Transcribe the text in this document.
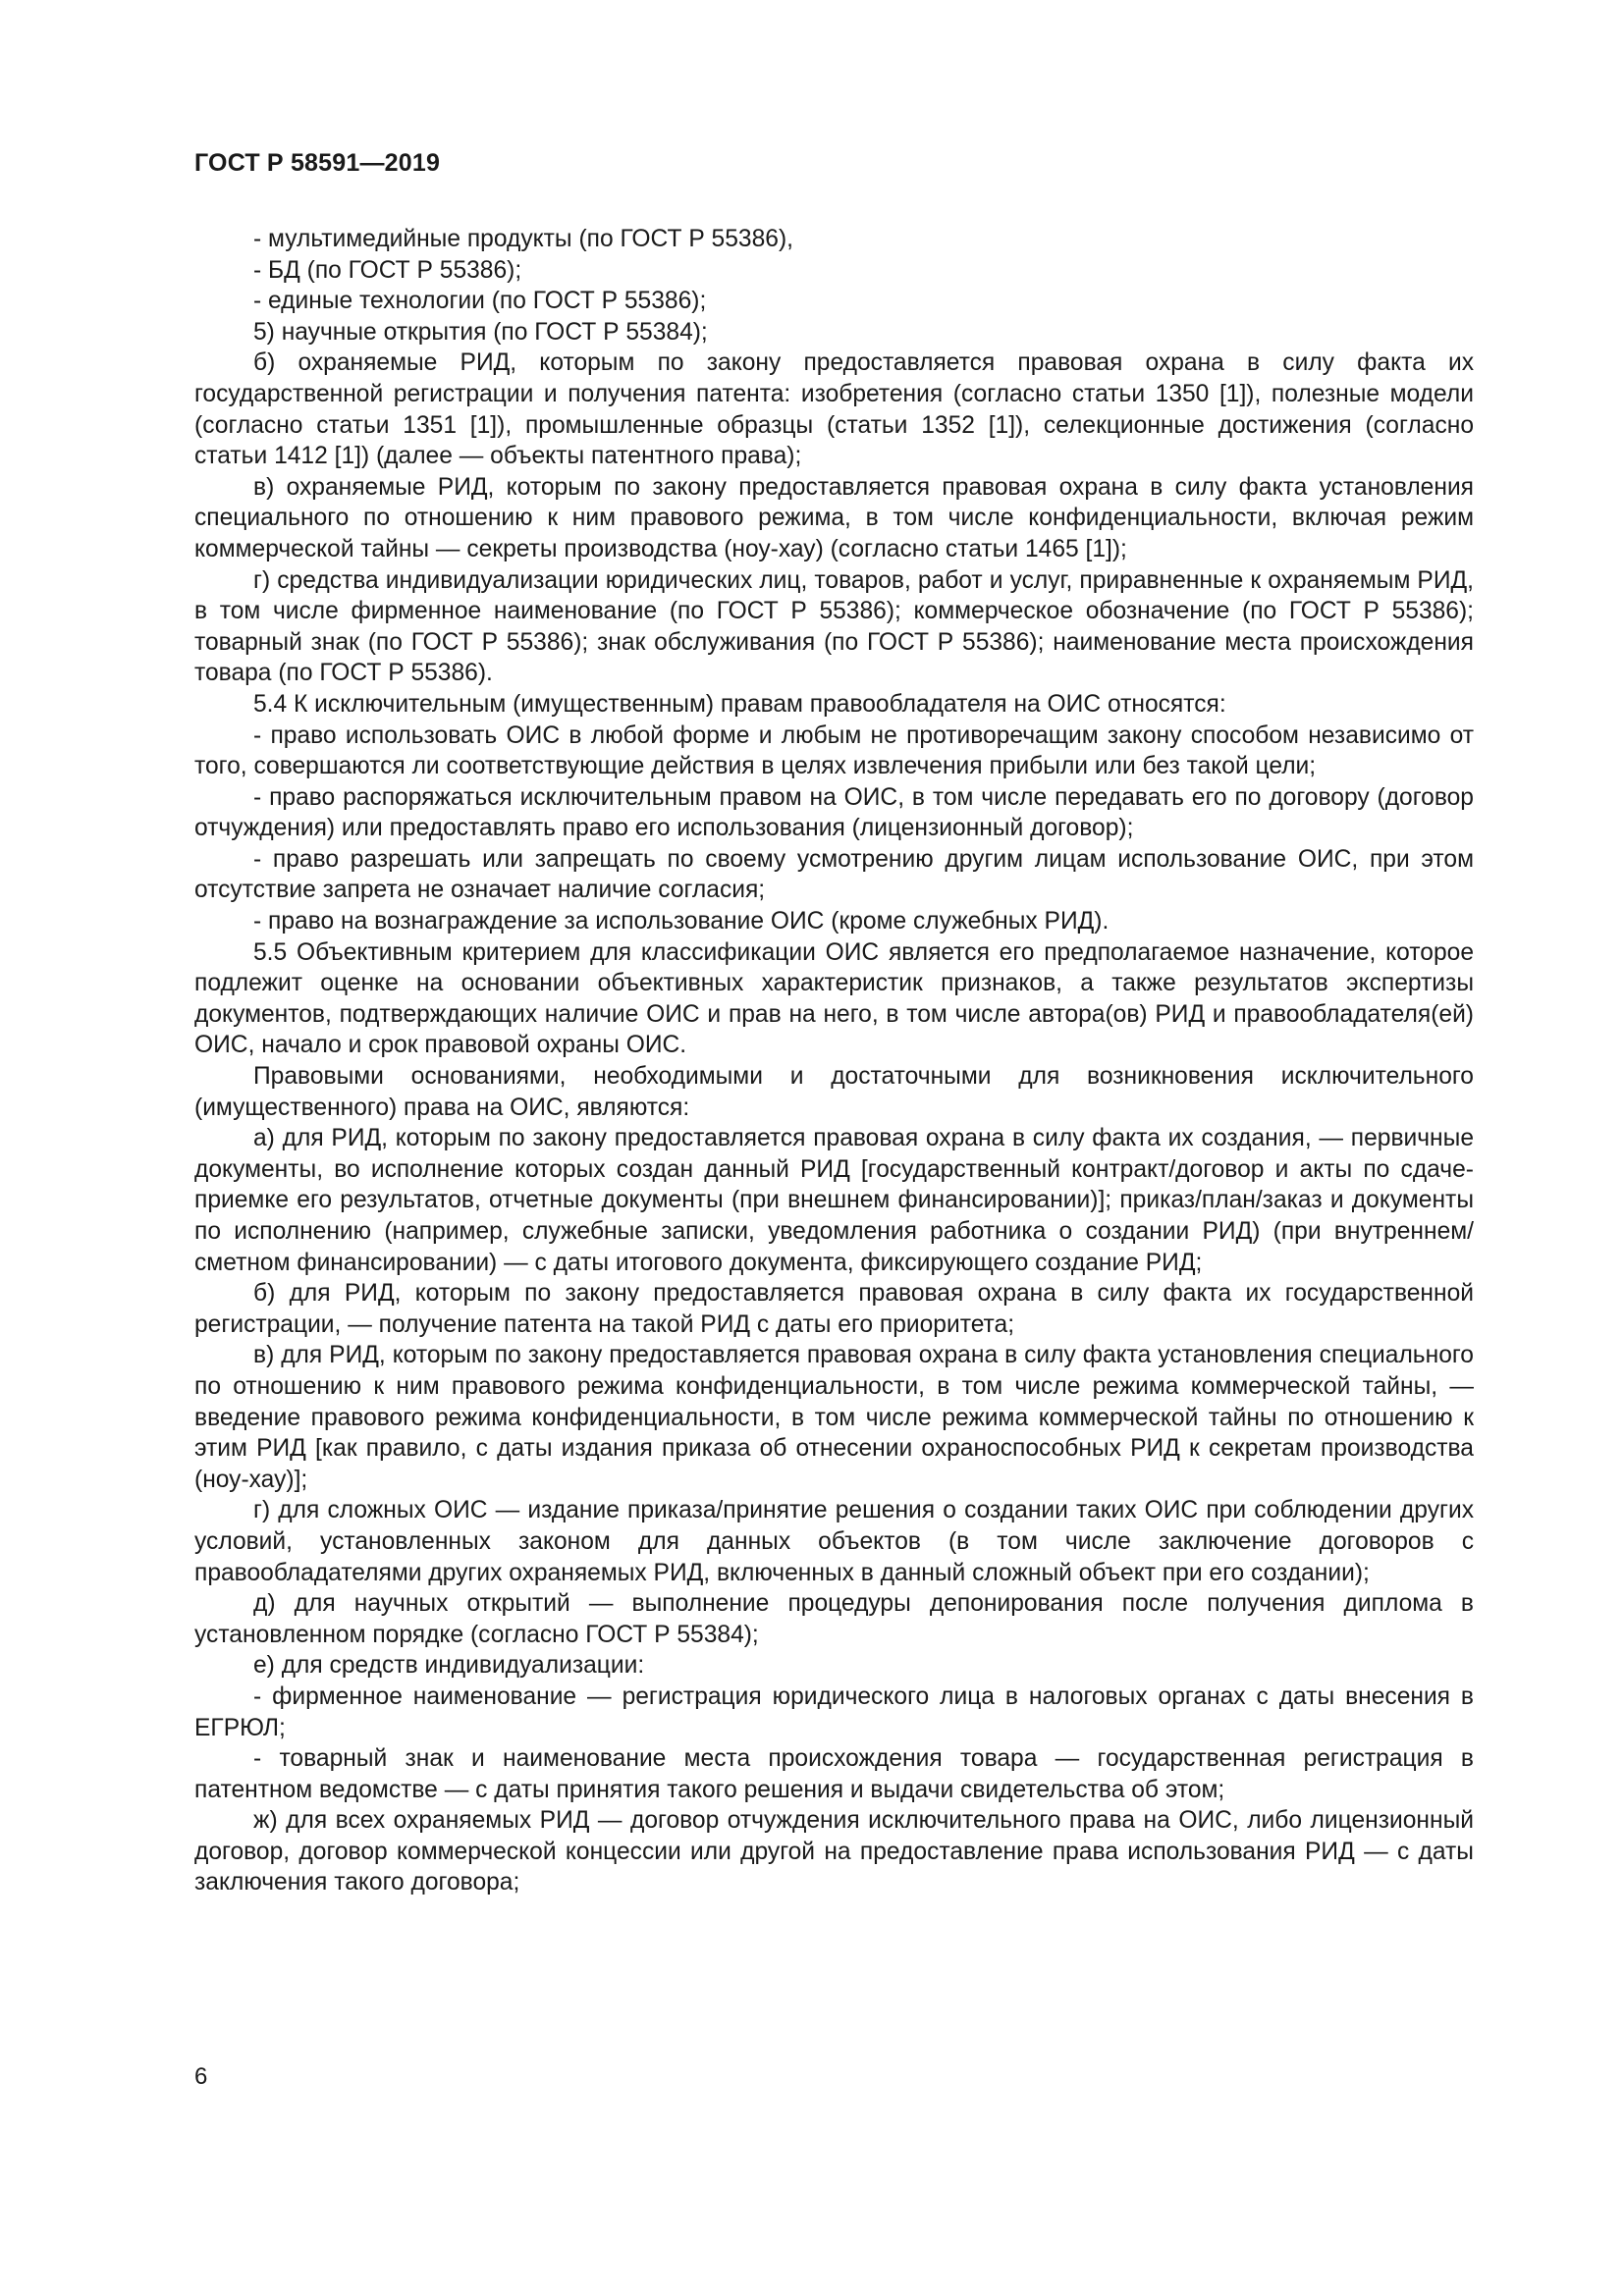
ГОСТ Р 58591—2019

- мультимедийные продукты (по ГОСТ Р 55386),

- БД (по ГОСТ Р 55386);

- единые технологии (по ГОСТ Р 55386);

5) научные открытия (по ГОСТ Р 55384);

б) охраняемые РИД, которым по закону предоставляется правовая охрана в силу факта их государственной регистрации и получения патента: изобретения (согласно статьи 1350 [1]), полезные модели (согласно статьи 1351 [1]), промышленные образцы (статьи 1352 [1]), селекционные достижения (согласно статьи 1412 [1]) (далее — объекты патентного права);

в) охраняемые РИД, которым по закону предоставляется правовая охрана в силу факта установления специального по отношению к ним правового режима, в том числе конфиденциальности, включая режим коммерческой тайны — секреты производства (ноу-хау) (согласно статьи 1465 [1]);

г) средства индивидуализации юридических лиц, товаров, работ и услуг, приравненные к охраняемым РИД, в том числе фирменное наименование (по ГОСТ Р 55386); коммерческое обозначение (по ГОСТ Р 55386); товарный знак (по ГОСТ Р 55386); знак обслуживания (по ГОСТ Р 55386); наименование места происхождения товара (по ГОСТ Р 55386).

5.4 К исключительным (имущественным) правам правообладателя на ОИС относятся:

- право использовать ОИС в любой форме и любым не противоречащим закону способом независимо от того, совершаются ли соответствующие действия в целях извлечения прибыли или без такой цели;

- право распоряжаться исключительным правом на ОИС, в том числе передавать его по договору (договор отчуждения) или предоставлять право его использования (лицензионный договор);

- право разрешать или запрещать по своему усмотрению другим лицам использование ОИС, при этом отсутствие запрета не означает наличие согласия;

- право на вознаграждение за использование ОИС (кроме служебных РИД).

5.5 Объективным критерием для классификации ОИС является его предполагаемое назначение, которое подлежит оценке на основании объективных характеристик признаков, а также результатов экспертизы документов, подтверждающих наличие ОИС и прав на него, в том числе автора(ов) РИД и правообладателя(ей) ОИС, начало и срок правовой охраны ОИС.

Правовыми основаниями, необходимыми и достаточными для возникновения исключительного (имущественного) права на ОИС, являются:

а) для РИД, которым по закону предоставляется правовая охрана в силу факта их создания, — первичные документы, во исполнение которых создан данный РИД [государственный контракт/договор и акты по сдаче-приемке его результатов, отчетные документы (при внешнем финансировании)]; приказ/план/заказ и документы по исполнению (например, служебные записки, уведомления работника о создании РИД) (при внутреннем/сметном финансировании) — с даты итогового документа, фиксирующего создание РИД;

б) для РИД, которым по закону предоставляется правовая охрана в силу факта их государственной регистрации, — получение патента на такой РИД с даты его приоритета;

в) для РИД, которым по закону предоставляется правовая охрана в силу факта установления специального по отношению к ним правового режима конфиденциальности, в том числе режима коммерческой тайны, — введение правового режима конфиденциальности, в том числе режима коммерческой тайны по отношению к этим РИД [как правило, с даты издания приказа об отнесении охраноспособных РИД к секретам производства (ноу-хау)];

г) для сложных ОИС — издание приказа/принятие решения о создании таких ОИС при соблюдении других условий, установленных законом для данных объектов (в том числе заключение договоров с правообладателями других охраняемых РИД, включенных в данный сложный объект при его создании);

д) для научных открытий — выполнение процедуры депонирования после получения диплома в установленном порядке (согласно ГОСТ Р 55384);

е) для средств индивидуализации:

- фирменное наименование — регистрация юридического лица в налоговых органах с даты внесения в ЕГРЮЛ;

- товарный знак и наименование места происхождения товара — государственная регистрация в патентном ведомстве — с даты принятия такого решения и выдачи свидетельства об этом;

ж) для всех охраняемых РИД — договор отчуждения исключительного права на ОИС, либо лицензионный договор, договор коммерческой концессии или другой на предоставление права использования РИД — с даты заключения такого договора;

6
